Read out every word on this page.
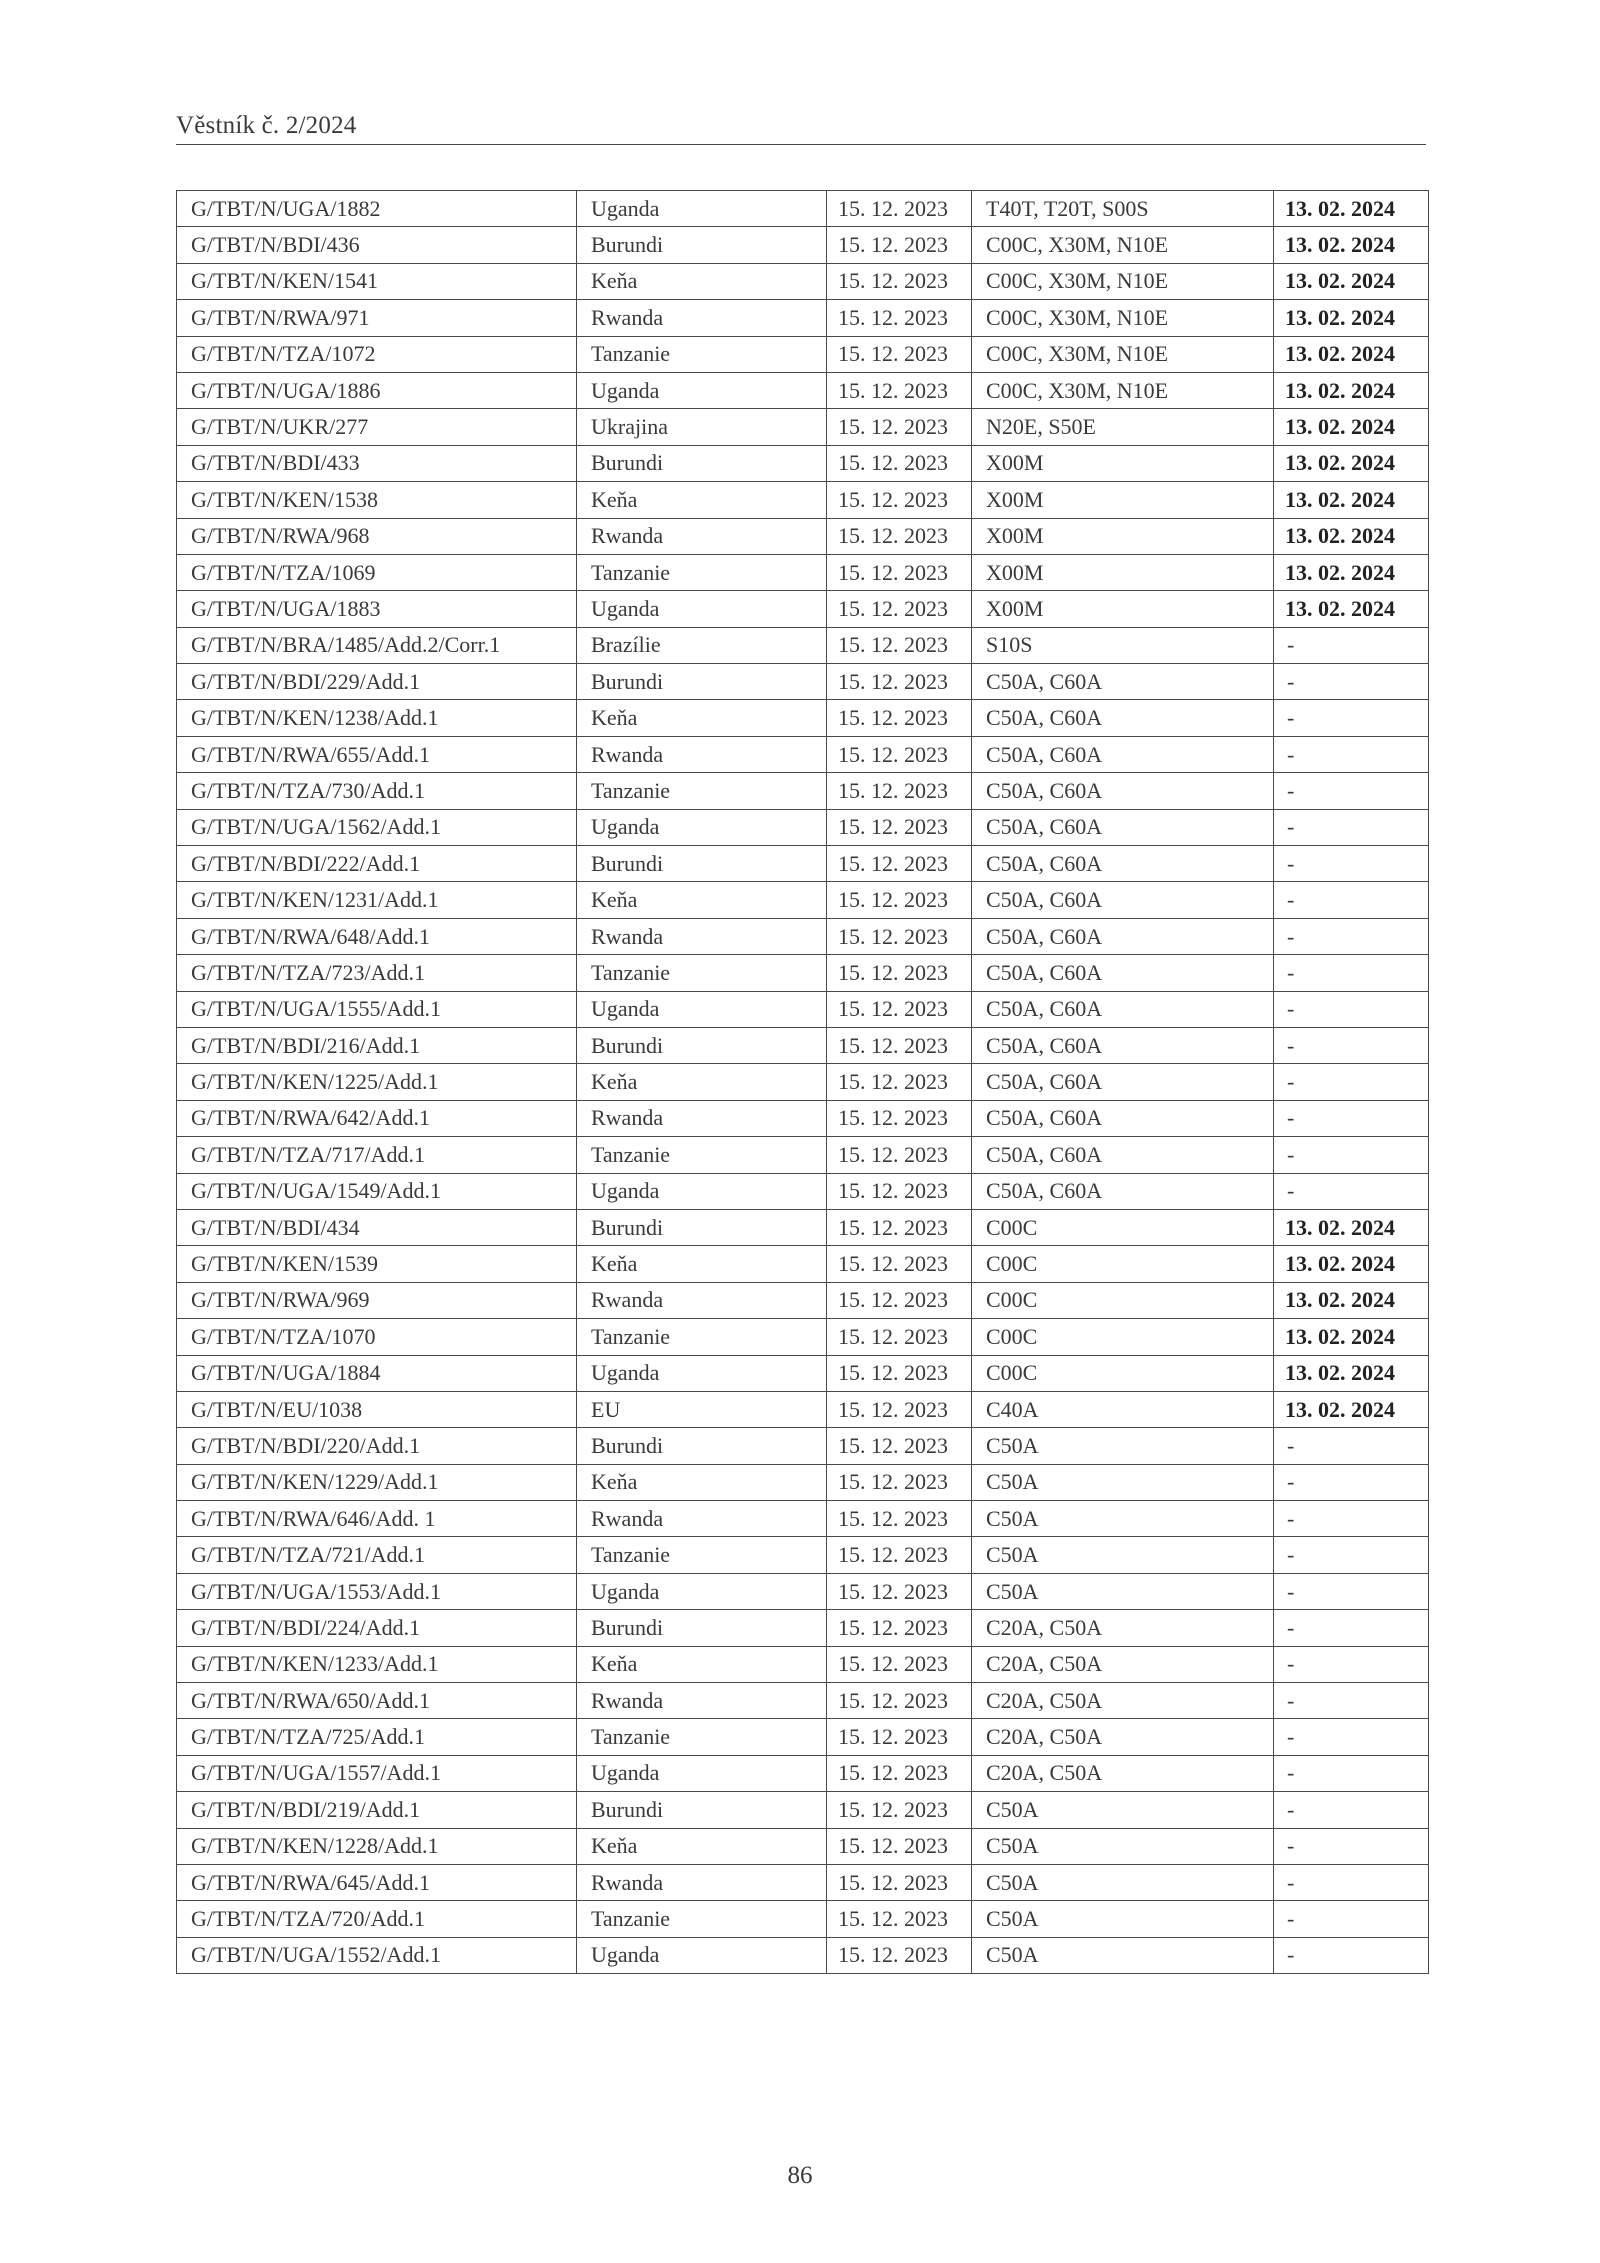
Věstník č. 2/2024
G/TBT/N/UGA/1882	Uganda	15. 12. 2023	T40T, T20T, S00S	13. 02. 2024
G/TBT/N/BDI/436	Burundi	15. 12. 2023	C00C, X30M, N10E	13. 02. 2024
G/TBT/N/KEN/1541	Keňa	15. 12. 2023	C00C, X30M, N10E	13. 02. 2024
G/TBT/N/RWA/971	Rwanda	15. 12. 2023	C00C, X30M, N10E	13. 02. 2024
G/TBT/N/TZA/1072	Tanzanie	15. 12. 2023	C00C, X30M, N10E	13. 02. 2024
G/TBT/N/UGA/1886	Uganda	15. 12. 2023	C00C, X30M, N10E	13. 02. 2024
G/TBT/N/UKR/277	Ukrajina	15. 12. 2023	N20E, S50E	13. 02. 2024
G/TBT/N/BDI/433	Burundi	15. 12. 2023	X00M	13. 02. 2024
G/TBT/N/KEN/1538	Keňa	15. 12. 2023	X00M	13. 02. 2024
G/TBT/N/RWA/968	Rwanda	15. 12. 2023	X00M	13. 02. 2024
G/TBT/N/TZA/1069	Tanzanie	15. 12. 2023	X00M	13. 02. 2024
G/TBT/N/UGA/1883	Uganda	15. 12. 2023	X00M	13. 02. 2024
G/TBT/N/BRA/1485/Add.2/Corr.1	Brazílie	15. 12. 2023	S10S	-
G/TBT/N/BDI/229/Add.1	Burundi	15. 12. 2023	C50A, C60A	-
G/TBT/N/KEN/1238/Add.1	Keňa	15. 12. 2023	C50A, C60A	-
G/TBT/N/RWA/655/Add.1	Rwanda	15. 12. 2023	C50A, C60A	-
G/TBT/N/TZA/730/Add.1	Tanzanie	15. 12. 2023	C50A, C60A	-
G/TBT/N/UGA/1562/Add.1	Uganda	15. 12. 2023	C50A, C60A	-
G/TBT/N/BDI/222/Add.1	Burundi	15. 12. 2023	C50A, C60A	-
G/TBT/N/KEN/1231/Add.1	Keňa	15. 12. 2023	C50A, C60A	-
G/TBT/N/RWA/648/Add.1	Rwanda	15. 12. 2023	C50A, C60A	-
G/TBT/N/TZA/723/Add.1	Tanzanie	15. 12. 2023	C50A, C60A	-
G/TBT/N/UGA/1555/Add.1	Uganda	15. 12. 2023	C50A, C60A	-
G/TBT/N/BDI/216/Add.1	Burundi	15. 12. 2023	C50A, C60A	-
G/TBT/N/KEN/1225/Add.1	Keňa	15. 12. 2023	C50A, C60A	-
G/TBT/N/RWA/642/Add.1	Rwanda	15. 12. 2023	C50A, C60A	-
G/TBT/N/TZA/717/Add.1	Tanzanie	15. 12. 2023	C50A, C60A	-
G/TBT/N/UGA/1549/Add.1	Uganda	15. 12. 2023	C50A, C60A	-
G/TBT/N/BDI/434	Burundi	15. 12. 2023	C00C	13. 02. 2024
G/TBT/N/KEN/1539	Keňa	15. 12. 2023	C00C	13. 02. 2024
G/TBT/N/RWA/969	Rwanda	15. 12. 2023	C00C	13. 02. 2024
G/TBT/N/TZA/1070	Tanzanie	15. 12. 2023	C00C	13. 02. 2024
G/TBT/N/UGA/1884	Uganda	15. 12. 2023	C00C	13. 02. 2024
G/TBT/N/EU/1038	EU	15. 12. 2023	C40A	13. 02. 2024
G/TBT/N/BDI/220/Add.1	Burundi	15. 12. 2023	C50A	-
G/TBT/N/KEN/1229/Add.1	Keňa	15. 12. 2023	C50A	-
G/TBT/N/RWA/646/Add. 1	Rwanda	15. 12. 2023	C50A	-
G/TBT/N/TZA/721/Add.1	Tanzanie	15. 12. 2023	C50A	-
G/TBT/N/UGA/1553/Add.1	Uganda	15. 12. 2023	C50A	-
G/TBT/N/BDI/224/Add.1	Burundi	15. 12. 2023	C20A, C50A	-
G/TBT/N/KEN/1233/Add.1	Keňa	15. 12. 2023	C20A, C50A	-
G/TBT/N/RWA/650/Add.1	Rwanda	15. 12. 2023	C20A, C50A	-
G/TBT/N/TZA/725/Add.1	Tanzanie	15. 12. 2023	C20A, C50A	-
G/TBT/N/UGA/1557/Add.1	Uganda	15. 12. 2023	C20A, C50A	-
G/TBT/N/BDI/219/Add.1	Burundi	15. 12. 2023	C50A	-
G/TBT/N/KEN/1228/Add.1	Keňa	15. 12. 2023	C50A	-
G/TBT/N/RWA/645/Add.1	Rwanda	15. 12. 2023	C50A	-
G/TBT/N/TZA/720/Add.1	Tanzanie	15. 12. 2023	C50A	-
G/TBT/N/UGA/1552/Add.1	Uganda	15. 12. 2023	C50A	-
86
